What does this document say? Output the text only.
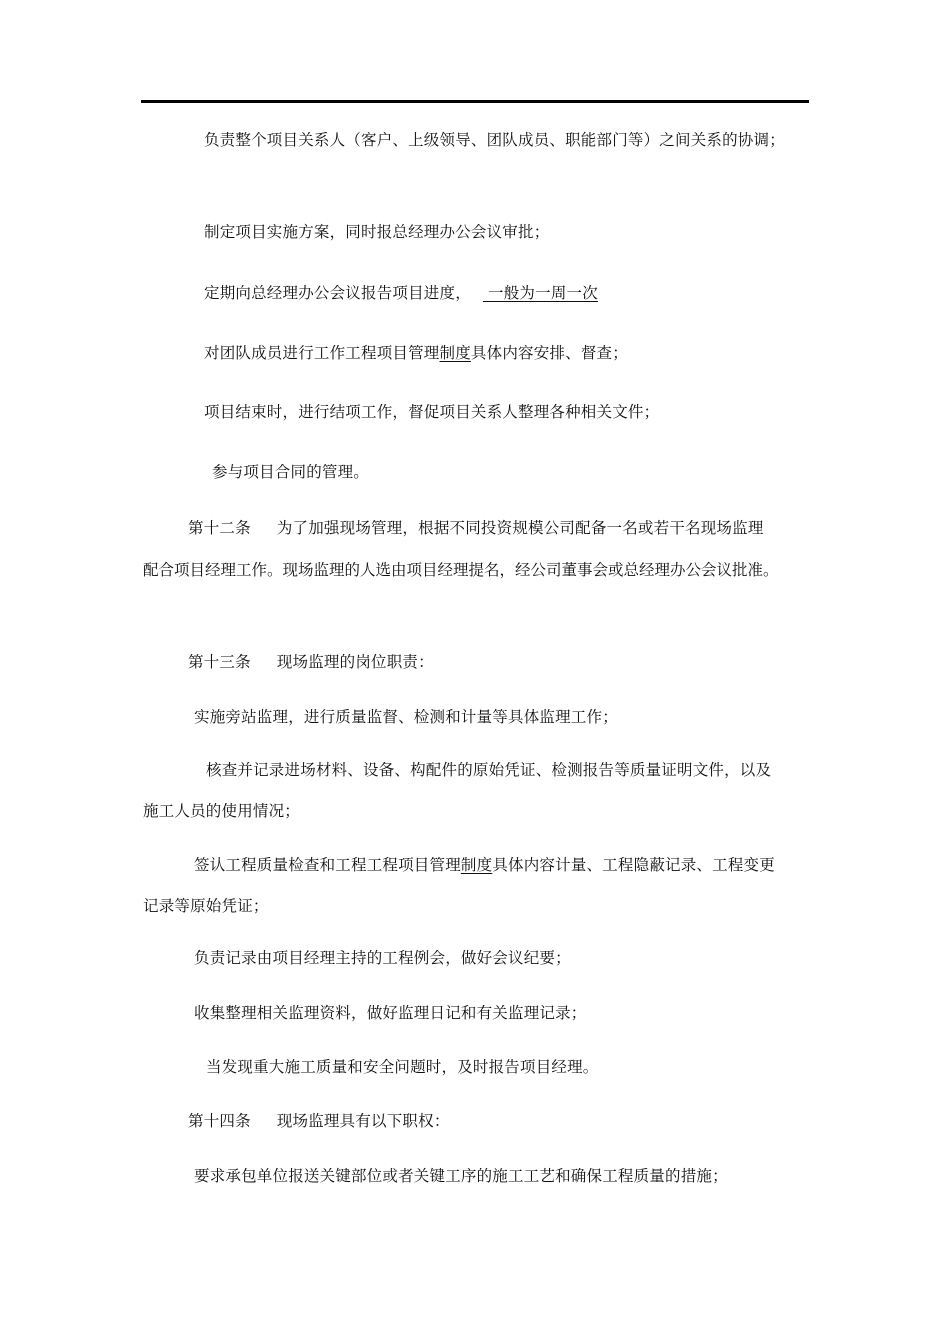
负责整个项目关系人（客户、上级领导、团队成员、职能部门等）之间关系的协调；
制定项目实施方案，同时报总经理办公会议审批；
定期向总经理办公会议报告项目进度， 一般为一周一次
对团队成员进行工作工程项目管理制度具体内容安排、督查；
项目结束时，进行结项工作，督促项目关系人整理各种相关文件；
参与项目合同的管理。
第十二条 为了加强现场管理，根据不同投资规模公司配备一名或若干名现场监理
配合项目经理工作。现场监理的人选由项目经理提名，经公司董事会或总经理办公会议批准。
第十三条 现场监理的岗位职责：
实施旁站监理，进行质量监督、检测和计量等具体监理工作；
核查并记录进场材料、设备、构配件的原始凭证、检测报告等质量证明文件，以及
施工人员的使用情况；
签认工程质量检查和工程工程项目管理制度具体内容计量、工程隐蔽记录、工程变更
记录等原始凭证；
负责记录由项目经理主持的工程例会，做好会议纪要；
收集整理相关监理资料，做好监理日记和有关监理记录；
当发现重大施工质量和安全问题时，及时报告项目经理。
第十四条 现场监理具有以下职权：
要求承包单位报送关键部位或者关键工序的施工工艺和确保工程质量的措施；
